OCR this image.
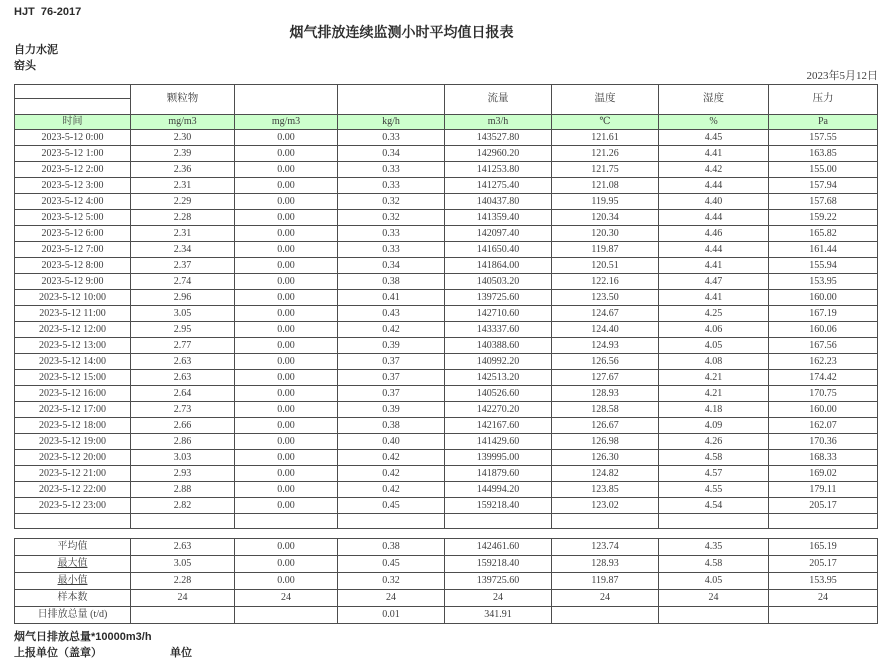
HJT  76-2017
烟气排放连续监测小时平均值日报表
自力水泥
窑头
2023年5月12日
	颗粒物			流量	温度	湿度	压力

时间	mg/m3	mg/m3	kg/h	m3/h	℃	%	Pa
2023-5-12 0:00	2.30	0.00	0.33	143527.80	121.61	4.45	157.55
2023-5-12 1:00	2.39	0.00	0.34	142960.20	121.26	4.41	163.85
2023-5-12 2:00	2.36	0.00	0.33	141253.80	121.75	4.42	155.00
2023-5-12 3:00	2.31	0.00	0.33	141275.40	121.08	4.44	157.94
2023-5-12 4:00	2.29	0.00	0.32	140437.80	119.95	4.40	157.68
2023-5-12 5:00	2.28	0.00	0.32	141359.40	120.34	4.44	159.22
2023-5-12 6:00	2.31	0.00	0.33	142097.40	120.30	4.46	165.82
2023-5-12 7:00	2.34	0.00	0.33	141650.40	119.87	4.44	161.44
2023-5-12 8:00	2.37	0.00	0.34	141864.00	120.51	4.41	155.94
2023-5-12 9:00	2.74	0.00	0.38	140503.20	122.16	4.47	153.95
2023-5-12 10:00	2.96	0.00	0.41	139725.60	123.50	4.41	160.00
2023-5-12 11:00	3.05	0.00	0.43	142710.60	124.67	4.25	167.19
2023-5-12 12:00	2.95	0.00	0.42	143337.60	124.40	4.06	160.06
2023-5-12 13:00	2.77	0.00	0.39	140388.60	124.93	4.05	167.56
2023-5-12 14:00	2.63	0.00	0.37	140992.20	126.56	4.08	162.23
2023-5-12 15:00	2.63	0.00	0.37	142513.20	127.67	4.21	174.42
2023-5-12 16:00	2.64	0.00	0.37	140526.60	128.93	4.21	170.75
2023-5-12 17:00	2.73	0.00	0.39	142270.20	128.58	4.18	160.00
2023-5-12 18:00	2.66	0.00	0.38	142167.60	126.67	4.09	162.07
2023-5-12 19:00	2.86	0.00	0.40	141429.60	126.98	4.26	170.36
2023-5-12 20:00	3.03	0.00	0.42	139995.00	126.30	4.58	168.33
2023-5-12 21:00	2.93	0.00	0.42	141879.60	124.82	4.57	169.02
2023-5-12 22:00	2.88	0.00	0.42	144994.20	123.85	4.55	179.11
2023-5-12 23:00	2.82	0.00	0.45	159218.40	123.02	4.54	205.17

平均值	2.63	0.00	0.38	142461.60	123.74	4.35	165.19
最大值	3.05	0.00	0.45	159218.40	128.93	4.58	205.17
最小值	2.28	0.00	0.32	139725.60	119.87	4.05	153.95
样本数	24	24	24	24	24	24	24
日排放总量 (t/d)			0.01	341.91			
烟气日排放总量*10000m3/h
上报单位（盖章）	单位
